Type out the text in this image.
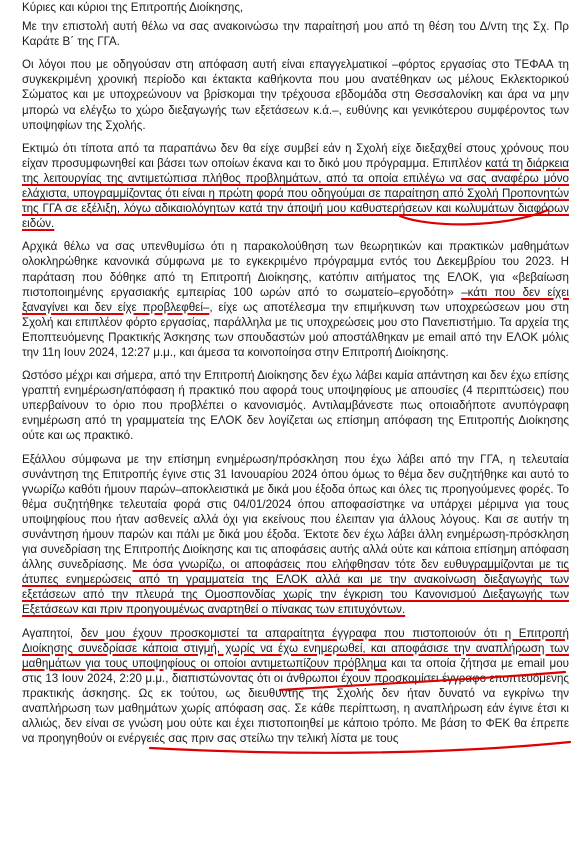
Κύριες και κύριοι της Επιτροπής Διοίκησης,

Με την επιστολή αυτή θέλω να σας ανακοινώσω την παραίτησή μου από τη θέση του Δ/ντη της Σχ. Πρ Καράτε Β΄ της ΓΓΑ.

Οι λόγοι που με οδηγούσαν στη απόφαση αυτή είναι επαγγελματικοί –φόρτος εργασίας στο ΤΕΦΑΑ τη συγκεκριμένη χρονική περίοδο και έκτακτα καθήκοντα που μου ανατέθηκαν ως μέλους Εκλεκτορικού Σώματος και με υποχρεώνουν να βρίσκομαι την τρέχουσα εβδομάδα στη Θεσσαλονίκη και άρα να μην μπορώ να ελέγξω το χώρο διεξαγωγής των εξετάσεων κ.ά.–, ευθύνης και γενικότερου συμφέροντος των υποψηφίων της Σχολής.

Εκτιμώ ότι τίποτα από τα παραπάνω δεν θα είχε συμβεί εάν η Σχολή είχε διεξαχθεί στους χρόνους που είχαν προσυμφωνηθεί και βάσει των οποίων έκανα και το δικό μου πρόγραμμα. Επιπλέον κατά τη διάρκεια της λειτουργίας της αντιμετώπισα πλήθος προβλημάτων, από τα οποία επιλέγω να σας αναφέρω μόνο ελάχιστα, υπογραμμίζοντας ότι είναι η πρώτη φορά που οδηγούμαι σε παραίτηση από Σχολή Προπονητών της ΓΓΑ σε εξέλιξη, λόγω αδικαιολόγητων κατά την άποψή μου καθυστερήσεων και κωλυμάτων διαφόρων ειδών.

Αρχικά θέλω να σας υπενθυμίσω ότι η παρακολούθηση των θεωρητικών και πρακτικών μαθημάτων ολοκληρώθηκε κανονικά σύμφωνα με το εγκεκριμένο πρόγραμμα εντός του Δεκεμβρίου του 2023. Η παράταση που δόθηκε από τη Επιτροπή Διοίκησης, κατόπιν αιτήματος της ΕΛΟΚ, για «βεβαίωση πιστοποιημένης εργασιακής εμπειρίας 100 ωρών από το σωματείο–εργοδότη» –κάτι που δεν είχει ξαναγίνει και δεν είχε προβλεφθεί–, είχε ως αποτέλεσμα την επιμήκυνση των υποχρεώσεων μου στη Σχολή και επιπλέον φόρτο εργασίας, παράλληλα με τις υποχρεώσεις μου στο Πανεπιστήμιο. Τα αρχεία της Εποπτευόμενης Πρακτικής Άσκησης των σπουδαστών μού αποστάλθηκαν με email από την ΕΛΟΚ μόλις την 11η Ιουν 2024, 12:27 μ.μ., και άμεσα τα κοινοποίησα στην Επιτροπή Διοίκησης.

Ωστόσο μέχρι και σήμερα, από την Επιτροπή Διοίκησης δεν έχω λάβει καμία απάντηση και δεν έχω επίσης γραπτή ενημέρωση/απόφαση ή πρακτικό που αφορά τους υποψηφίους με απουσίες (4 περιπτώσεις) που υπερβαίνουν το όριο που προβλέπει ο κανονισμός. Αντιλαμβάνεστε πως οποιαδήποτε ανυπόγραφη ενημέρωση από τη γραμματεία της ΕΛΟΚ δεν λογίζεται ως επίσημη απόφαση της Επιτροπής Διοίκησης ούτε και ως πρακτικό.

Εξάλλου σύμφωνα με την επίσημη ενημέρωση/πρόσκληση που έχω λάβει από την ΓΓΑ, η τελευταία συνάντηση της Επιτροπής έγινε στις 31 Ιανουαρίου 2024 όπου όμως το θέμα δεν συζητήθηκε και αυτό το γνωρίζω καθότι ήμουν παρών–αποκλειστικά με δικά μου έξοδα όπως και όλες τις προηγούμενες φορές. Το θέμα συζητήθηκε τελευταία φορά στις 04/01/2024 όπου αποφασίστηκε να υπάρχει μέριμνα για τους υποψηφίους που ήταν ασθενείς αλλά όχι για εκείνους που έλειπαν για άλλους λόγους. Και σε αυτήν τη συνάντηση ήμουν παρών και πάλι με δικά μου έξοδα. Έκτοτε δεν έχω λάβει άλλη ενημέρωση-πρόσκληση για συνεδρίαση της Επιτροπής Διοίκησης και τις αποφάσεις αυτής αλλά ούτε και κάποια επίσημη απόφαση άλλης συνεδρίασης. Με όσα γνωρίζω, οι αποφάσεις που ελήφθησαν τότε δεν ευθυγραμμίζονται με τις άτυπες ενημερώσεις από τη γραμματεία της ΕΛΟΚ αλλά και με την ανακοίνωση διεξαγωγής των εξετάσεων από την πλευρά της Ομοσπονδίας χωρίς την έγκριση του Κανονισμού Διεξαγωγής των Εξετάσεων και πριν προηγουμένως αναρτηθεί ο πίνακας των επιτυχόντων.

Αγαπητοί, δεν μου έχουν προσκομιστεί τα απαραίτητα έγγραφα που πιστοποιούν ότι η Επιτροπή Διοίκησης συνεδρίασε κάποια στιγμή, χωρίς να έχω ενημερωθεί, και αποφάσισε την αναπλήρωση των μαθημάτων για τους υποψηφίους οι οποίοι αντιμετωπίζουν πρόβλημα και τα οποία ζήτησα με email μου στις 13 Ιουν 2024, 2:20 μ.μ., διαπιστώνοντας ότι οι άνθρωποι έχουν προσκομίσει έγγραφο εποπτευόμενης πρακτικής άσκησης. Ως εκ τούτου, ως διευθυντής της Σχολής δεν ήταν δυνατό να εγκρίνω την αναπλήρωση των μαθημάτων χωρίς απόφαση σας. Σε κάθε περίπτωση, η αναπλήρωση εάν έγινε έτσι κι αλλιώς, δεν είναι σε γνώση μου ούτε και έχει πιστοποιηθεί με κάποιο τρόπο. Με βάση το ΦΕΚ θα έπρεπε να προηγηθούν οι ενέργειές σας πριν σας στείλω την τελική λίστα με τους
